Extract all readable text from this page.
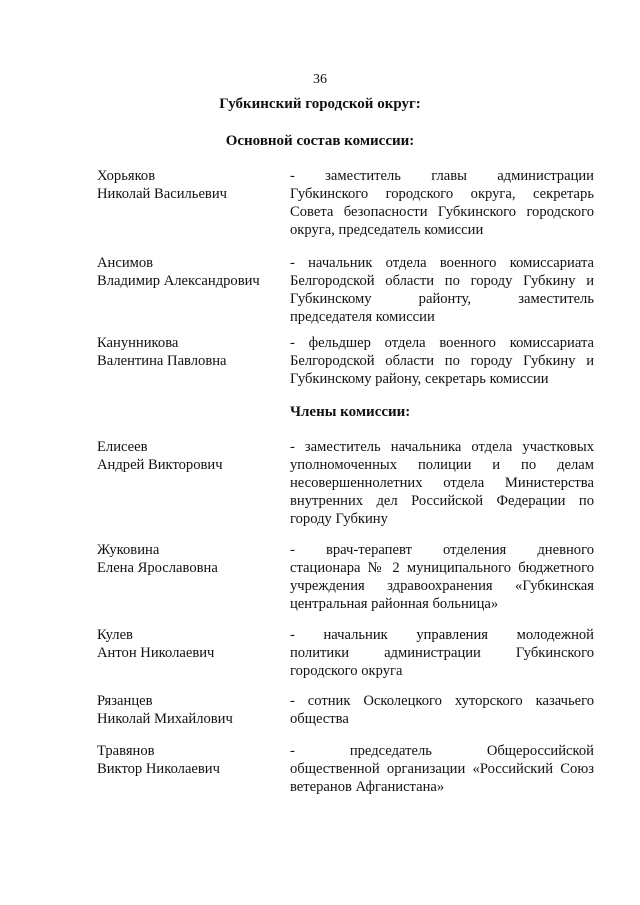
36
Губкинский городской округ:
Основной состав комиссии:
Хорьяков
Николай Васильевич
- заместитель главы администрации
Губкинского городского округа, секретарь
Совета безопасности Губкинского городского
округа, председатель комиссии
Ансимов
Владимир Александрович
- начальник отдела военного комиссариата
Белгородской области по городу Губкину и
Губкинскому районту, заместитель
председателя комиссии
Канунникова
Валентина Павловна
- фельдшер отдела военного комиссариата
Белгородской области по городу Губкину и
Губкинскому району, секретарь комиссии
Члены комиссии:
Елисеев
Андрей Викторович
- заместитель начальника отдела участковых
уполномоченных полиции и по делам
несовершеннолетних отдела Министерства
внутренних дел Российской Федерации по
городу Губкину
Жуковина
Елена Ярославовна
- врач-терапевт отделения дневного
стационара № 2 муниципального бюджетного
учреждения здравоохранения «Губкинская
центральная районная больница»
Кулев
Антон Николаевич
- начальник управления молодежной
политики администрации Губкинского
городского округа
Рязанцев
Николай Михайлович
- сотник Осколецкого хуторского казачьего
общества
Травянов
Виктор Николаевич
- председатель Общероссийской
общественной организации «Российский Союз
ветеранов Афганистана»
